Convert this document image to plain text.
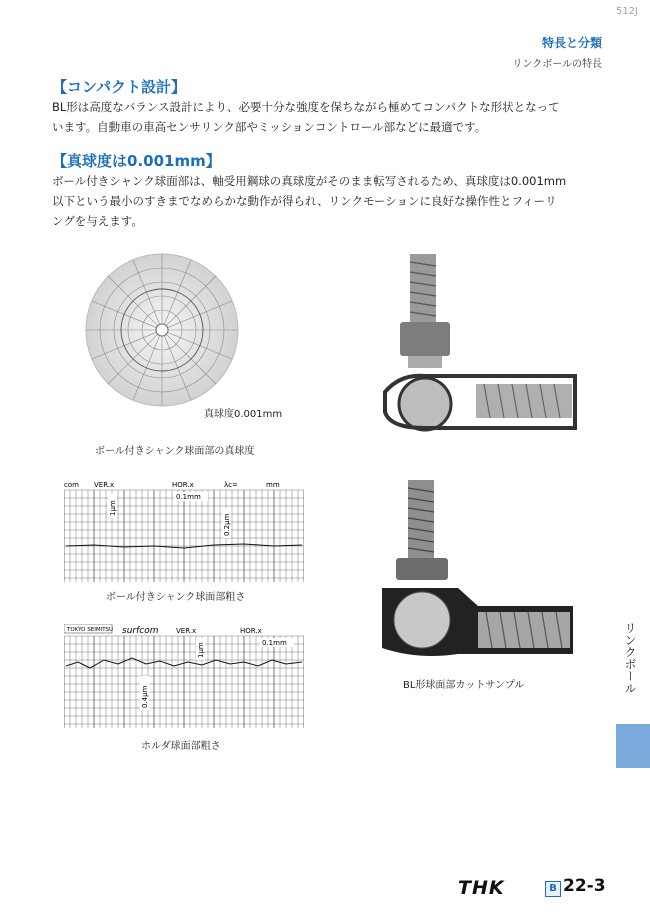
512J
特長と分類
リンクボールの特長
【コンパクト設計】
BL形は高度なバランス設計により、必要十分な強度を保ちながら極めてコンパクトな形状となって
います。自動車の車高センサリンク部やミッションコントロール部などに最適です。
【真球度は0.001mm】
ボール付きシャンク球面部は、軸受用鋼球の真球度がそのまま転写されるため、真球度は0.001mm
以下という最小のすきまでなめらかな動作が得られ、リンクモーションに良好な操作性とフィーリ
ングを与えます。
真球度0.001mm
ボール付きシャンク球面部の真球度
com VER.x	HOR.x	λc=	mm
0.1mm
1μm
0.2μm
ボール付きシャンク球面部粗さ
TOKYO SEIMITSU surfcom	VER.x	HOR.x
0.1mm
1μm
0.4μm
ホルダ球面部粗さ
BL形球面部カットサンプル	リンクボール
THK	B 22-3
